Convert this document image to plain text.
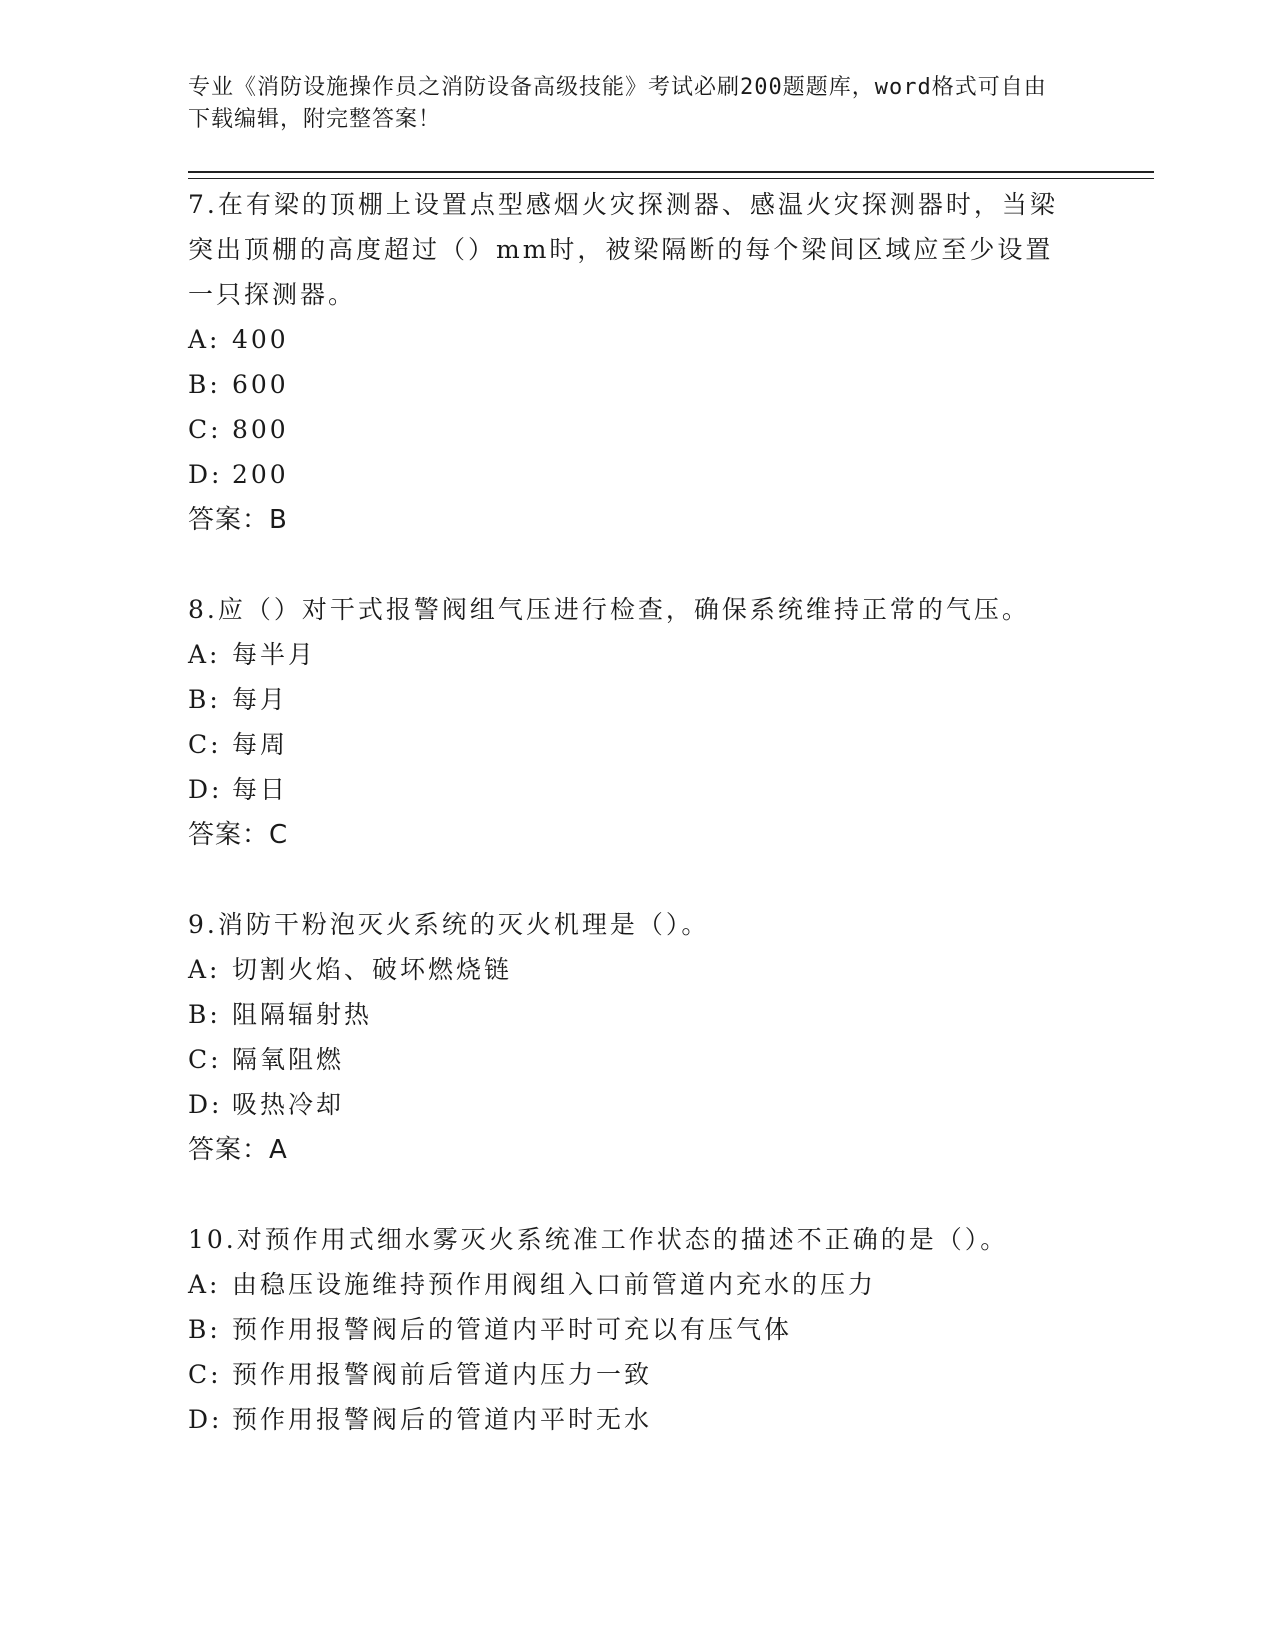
专业《消防设施操作员之消防设备高级技能》考试必刷200题题库，word格式可自由下载编辑，附完整答案！

7.在有梁的顶棚上设置点型感烟火灾探测器、感温火灾探测器时，当梁突出顶棚的高度超过（）mm时，被梁隔断的每个梁间区域应至少设置一只探测器。

A: 400

B: 600

C: 800

D: 200

答案：B

8.应（）对干式报警阀组气压进行检查，确保系统维持正常的气压。

A: 每半月

B: 每月

C: 每周

D: 每日

答案：C

9.消防干粉泡灭火系统的灭火机理是（）。

A: 切割火焰、破坏燃烧链

B: 阻隔辐射热

C: 隔氧阻燃

D: 吸热冷却

答案：A

10.对预作用式细水雾灭火系统准工作状态的描述不正确的是（）。

A: 由稳压设施维持预作用阀组入口前管道内充水的压力

B: 预作用报警阀后的管道内平时可充以有压气体

C: 预作用报警阀前后管道内压力一致

D: 预作用报警阀后的管道内平时无水
